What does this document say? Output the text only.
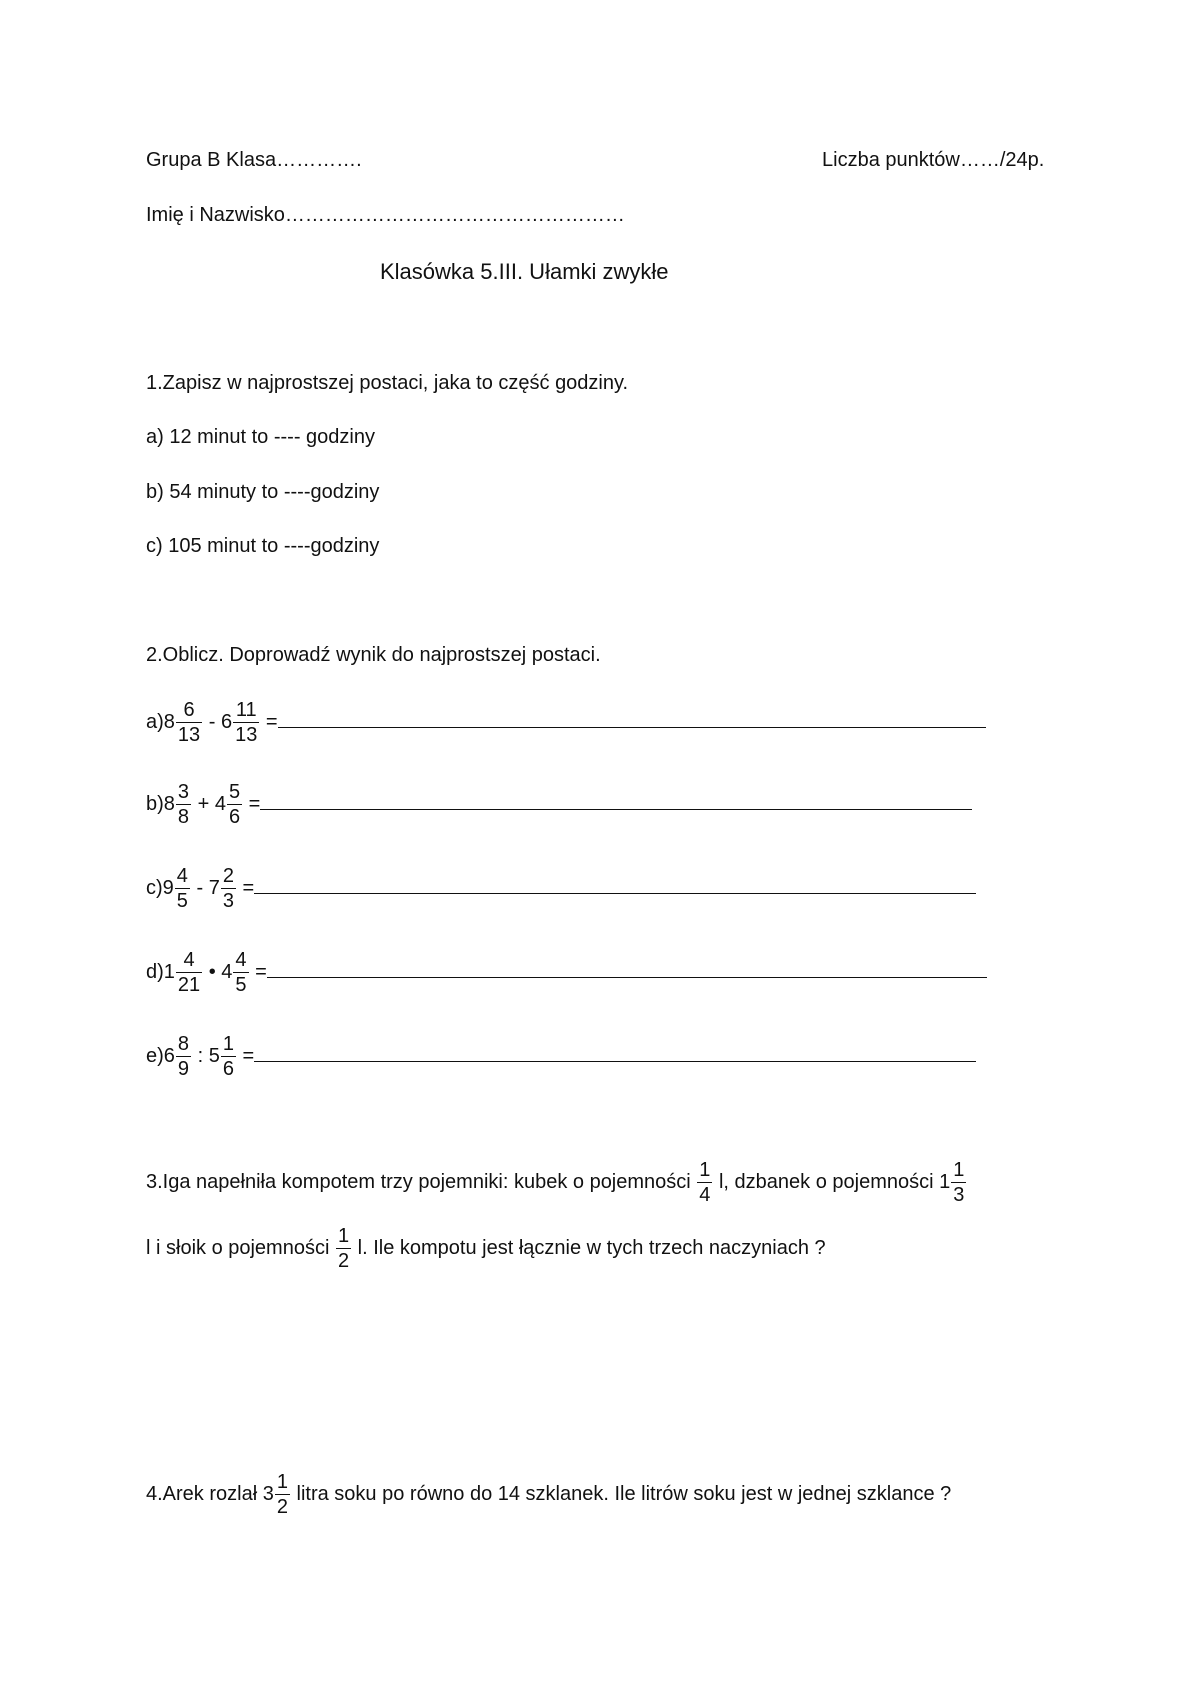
Grupa B Klasa………….	Liczba punktów……/24p.
Imię i Nazwisko……………………………………………
Klasówka 5.III. Ułamki zwykłe
1.Zapisz w najprostszej postaci, jaka to część godziny.
a) 12 minut to ---- godziny
b) 54 minuty to ----godziny
c) 105 minut to ----godziny
2.Oblicz. Doprowadź wynik do najprostszej postaci.
$a)8 \frac{6}{13} - 6 \frac{11}{13}$ =
$b)8 \frac{3}{8} + 4 \frac{5}{6}$ =
$c)9 \frac{4}{5} - 7 \frac{2}{3}$ =
$d)1 \frac{4}{21}$ • $4 \frac{4}{5}$ =
$e)6 \frac{8}{9}$ : $5 \frac{1}{6}$ =
3.Iga napełniła kompotem trzy pojemniki: kubek o pojemności $\frac{1}{4} l$, dzbanek o pojemności $1 \frac{1}{3}$
l i słoik o pojemności $\frac{1}{2} l$. Ile kompotu jest łącznie w tych trzech naczyniach ?
4.Arek rozlał $3 \frac{1}{2}$ litra soku po równo do 14 szklanek. Ile litrów soku jest w jednej szklance ?
